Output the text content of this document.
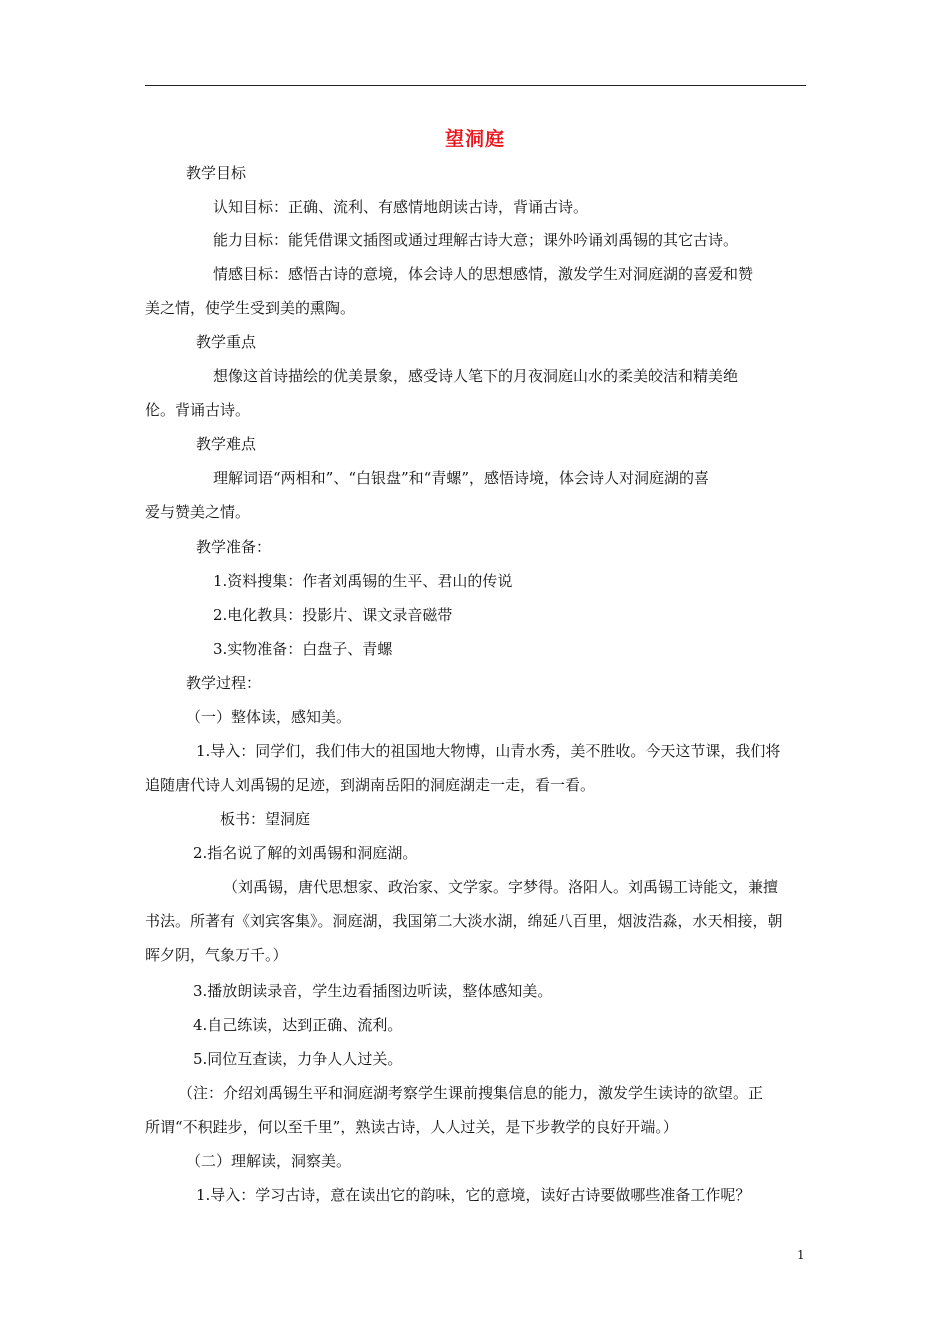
望洞庭
教学目标
认知目标：正确、流利、有感情地朗读古诗，背诵古诗。
能力目标：能凭借课文插图或通过理解古诗大意；课外吟诵刘禹锡的其它古诗。
情感目标：感悟古诗的意境，体会诗人的思想感情，激发学生对洞庭湖的喜爱和赞
美之情，使学生受到美的熏陶。
教学重点
想像这首诗描绘的优美景象，感受诗人笔下的月夜洞庭山水的柔美皎洁和精美绝
伦。背诵古诗。
教学难点
理解词语“两相和”、“白银盘”和“青螺”，感悟诗境，体会诗人对洞庭湖的喜
爱与赞美之情。
教学准备：
1.资料搜集：作者刘禹锡的生平、君山的传说
2.电化教具：投影片、课文录音磁带
3.实物准备：白盘子、青螺
教学过程：
（一）整体读，感知美。
1.导入：同学们，我们伟大的祖国地大物博，山青水秀，美不胜收。今天这节课，我们将
追随唐代诗人刘禹锡的足迹，到湖南岳阳的洞庭湖走一走，看一看。
板书：望洞庭
2.指名说了解的刘禹锡和洞庭湖。
（刘禹锡，唐代思想家、政治家、文学家。字梦得。洛阳人。刘禹锡工诗能文，兼擅
书法。所著有《刘宾客集》。洞庭湖，我国第二大淡水湖，绵延八百里，烟波浩淼，水天相接，朝
晖夕阴，气象万千。）
3.播放朗读录音，学生边看插图边听读，整体感知美。
4.自己练读，达到正确、流利。
5.同位互查读，力争人人过关。
（注：介绍刘禹锡生平和洞庭湖考察学生课前搜集信息的能力，激发学生读诗的欲望。正
所谓“不积跬步，何以至千里”，熟读古诗，人人过关，是下步教学的良好开端。）
（二）理解读，洞察美。
1.导入：学习古诗，意在读出它的韵味，它的意境，读好古诗要做哪些准备工作呢？
1
